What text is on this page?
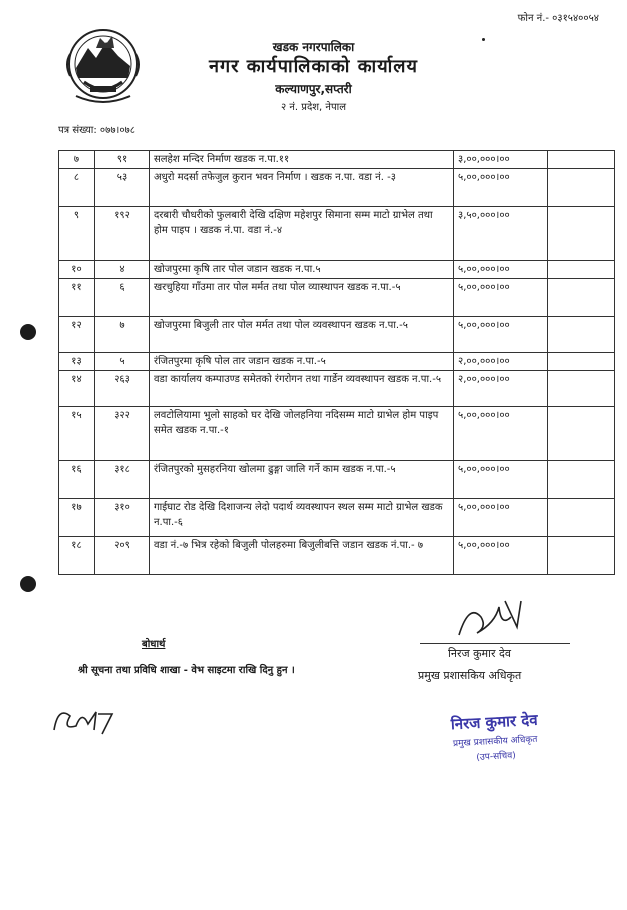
फोन नं.- ०३१५४००५४
खडक नगरपालिका
नगर कार्यपालिकाको कार्यालय
कल्याणपुर,सप्तरी
२ नं. प्रदेश, नेपाल
पत्र संख्या: ०७७।०७८
७	९१	सलहेश मन्दिर निर्माण खडक न.पा.११	३,००,०००।००	
८	५३	अधुरो मदर्सा तफेजुल कुरान भवन निर्माण । खडक न.पा. वडा नं. -३	५,००,०००।००	
९	१९२	दरबारी चौधरीको फुलबारी देखि दक्षिण महेशपुर सिमाना सम्म माटो ग्राभेल तथा होम पाइप । खडक नं.पा. वडा नं.-४	३,५०,०००।००	
१०	४	खोजपुरमा कृषि तार पोल जडान खडक न.पा.५	५,००,०००।००	
११	६	खरचुहिया गाँउमा तार पोल मर्मत तथा पोल व्यास्थापन खडक न.पा.-५	५,००,०००।००	
१२	७	खोजपुरमा बिजुली तार पोल मर्मत तथा पोल व्यवस्थापन खडक न.पा.-५	५,००,०००।००	
१३	५	रंजितपुरमा कृषि पोल तार जडान खडक न.पा.-५	२,००,०००।००	
१४	२६३	वडा कार्यालय कम्पाउण्ड समेतको रंगरोगन तथा गार्डेन व्यवस्थापन खडक न.पा.-५	२,००,०००।००	
१५	३२२	लवटोलियामा भुलो साहको घर देखि जोलहनिया नदिसम्म माटो ग्राभेल होम पाइप समेत खडक न.पा.-१	५,००,०००।००	
१६	३१८	रंजितपुरको मुसहरनिया खोलमा ढुङ्गा जालि गर्ने काम खडक न.पा.-५	५,००,०००।००	
१७	३१०	गाईघाट रोड देखि दिशाजन्य लेदो पदार्थ व्यवस्थापन स्थल सम्म माटो ग्राभेल खडक न.पा.-६	५,००,०००।००	
१८	२०९	वडा नं.-७ भित्र रहेको बिजुली पोलहरुमा बिजुलीबत्ति जडान खडक नं.पा.- ७	५,००,०००।००	
निरज कुमार देव
प्रमुख प्रशासकिय अधिकृत
बोधार्थ
श्री सूचना तथा प्रविधि शाखा - वेभ साइटमा राखि दिनु हुन ।
निरज कुमार देव
प्रमुख प्रशासकीय अधिकृत
(उप-सचिव)
